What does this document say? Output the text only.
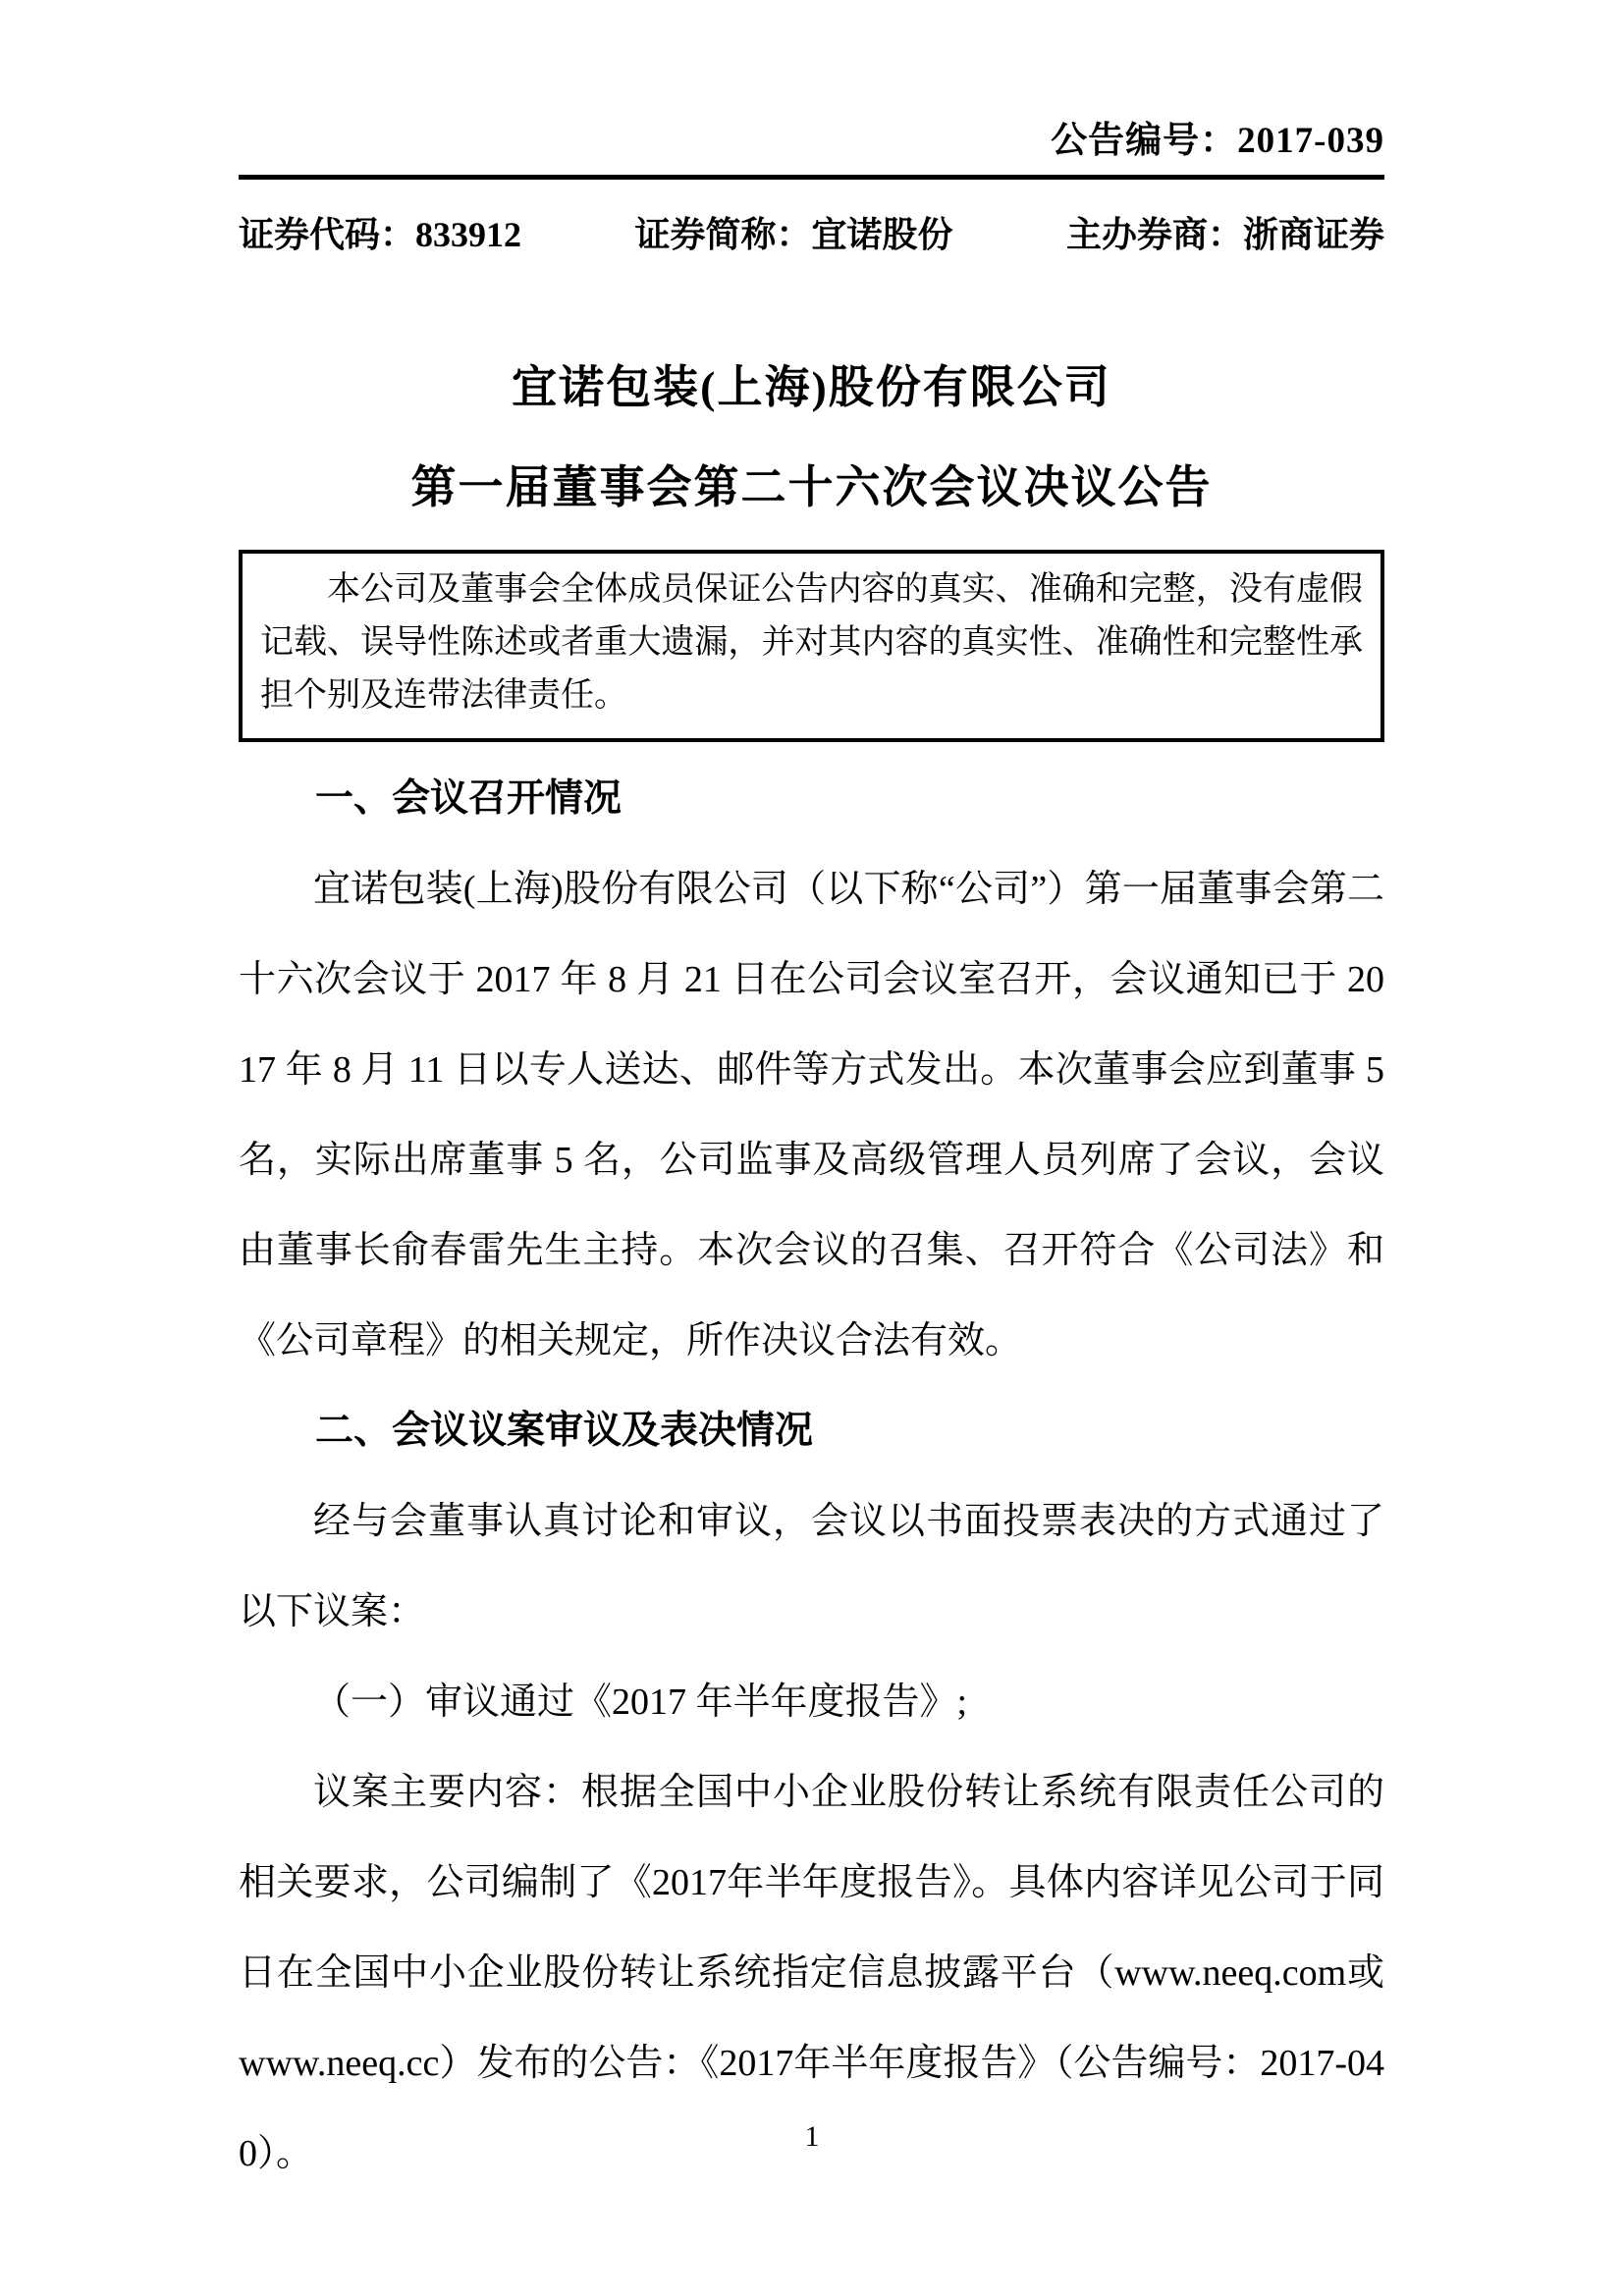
公告编号：2017-039
证券代码：833912	证券简称：宜诺股份	主办券商：浙商证券
宜诺包装(上海)股份有限公司
第一届董事会第二十六次会议决议公告
本公司及董事会全体成员保证公告内容的真实、准确和完整，没有虚假记载、误导性陈述或者重大遗漏，并对其内容的真实性、准确性和完整性承担个别及连带法律责任。
一、会议召开情况

宜诺包装(上海)股份有限公司（以下称“公司”）第一届董事会第二十六次会议于 2017 年 8 月 21 日在公司会议室召开，会议通知已于 2017 年 8 月 11 日以专人送达、邮件等方式发出。本次董事会应到董事 5 名，实际出席董事 5 名，公司监事及高级管理人员列席了会议，会议由董事长俞春雷先生主持。本次会议的召集、召开符合《公司法》和《公司章程》的相关规定，所作决议合法有效。

二、会议议案审议及表决情况

经与会董事认真讨论和审议，会议以书面投票表决的方式通过了以下议案：

（一）审议通过《2017 年半年度报告》;

议案主要内容：根据全国中小企业股份转让系统有限责任公司的相关要求，公司编制了《2017年半年度报告》。具体内容详见公司于同日在全国中小企业股份转让系统指定信息披露平台（www.neeq.com或www.neeq.cc）发布的公告：《2017年半年度报告》（公告编号：2017-040）。	1
